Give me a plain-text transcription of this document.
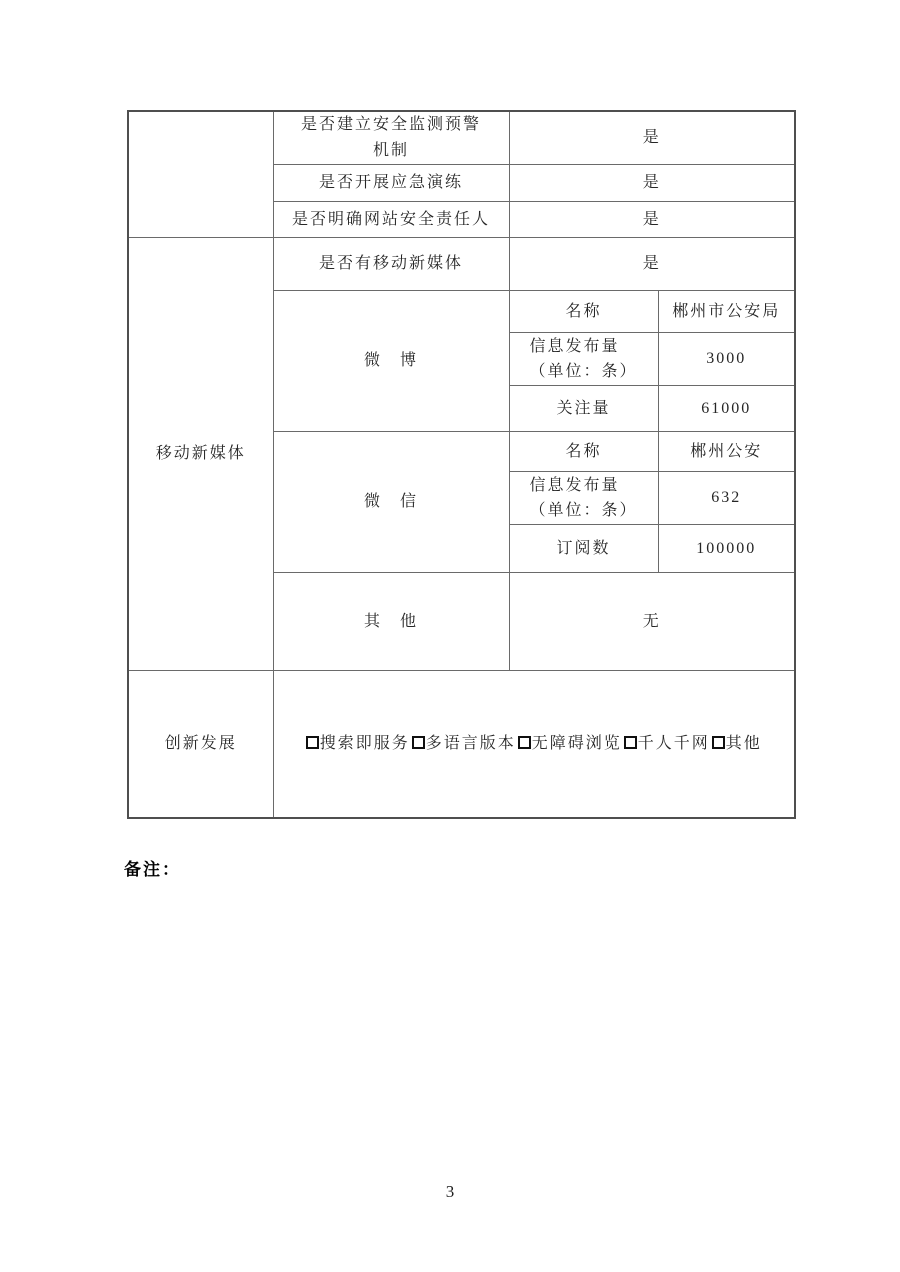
	是否建立安全监测预警
机制	是	
	是否开展应急演练	是	
	是否明确网站安全责任人	是	
移动新媒体	是否有移动新媒体	是	
	微　博	名称	郴州市公安局
		信息发布量
（单位：条）	3000
		关注量	61000
	微　信	名称	郴州公安
		信息发布量
（单位：条）	632
		订阅数	100000
	其　他	无	
创新发展	搜索即服务 多语言版本 无障碍浏览 千人千网 其他		
备注：
3
